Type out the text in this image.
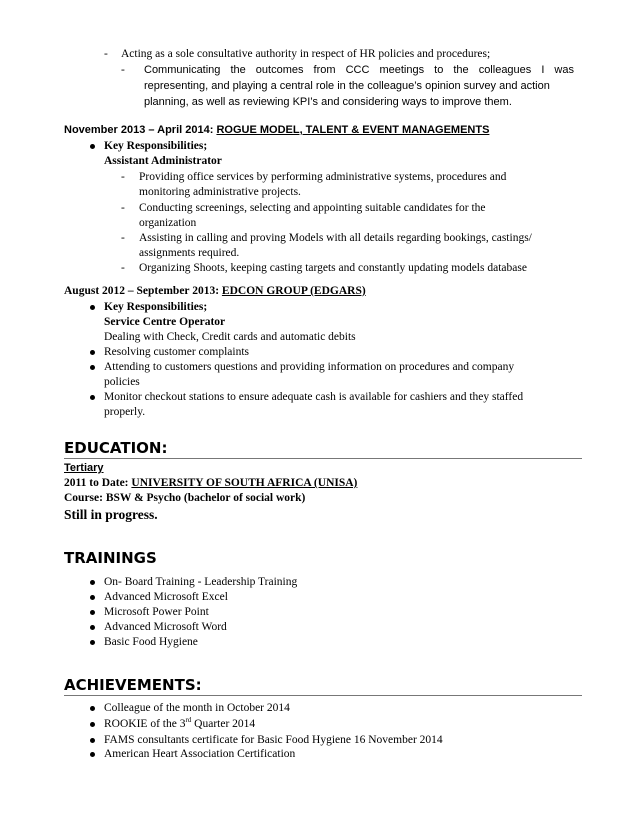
- Acting as a sole consultative authority in respect of HR policies and procedures;
- Communicating the outcomes from CCC meetings to the colleagues I was
representing, and playing a central role in the colleague’s opinion survey and action
planning, as well as reviewing KPI’s and considering ways to improve them.
November 2013 – April 2014: ROGUE MODEL, TALENT & EVENT MANAGEMENTS
Key Responsibilities;
Assistant Administrator
- Providing office services by performing administrative systems, procedures and
monitoring administrative projects.
- Conducting screenings, selecting and appointing suitable candidates for the
organization
- Assisting in calling and proving Models with all details regarding bookings, castings/
assignments required.
- Organizing Shoots, keeping casting targets and constantly updating models database
August 2012 – September 2013: EDCON GROUP (EDGARS)
Key Responsibilities;
Service Centre Operator
Dealing with Check, Credit cards and automatic debits
Resolving customer complaints
Attending to customers questions and providing information on procedures and company
policies
Monitor checkout stations to ensure adequate cash is available for cashiers and they staffed
properly.
EDUCATION:
Tertiary
2011 to Date: UNIVERSITY OF SOUTH AFRICA (UNISA)
Course: BSW & Psycho (bachelor of social work)
Still in progress.
TRAININGS
On- Board Training - Leadership Training
Advanced Microsoft Excel
Microsoft Power Point
Advanced Microsoft Word
Basic Food Hygiene
ACHIEVEMENTS:
Colleague of the month in October 2014
ROOKIE of the 3rd Quarter 2014
FAMS consultants certificate for Basic Food Hygiene 16 November 2014
American Heart Association Certification
